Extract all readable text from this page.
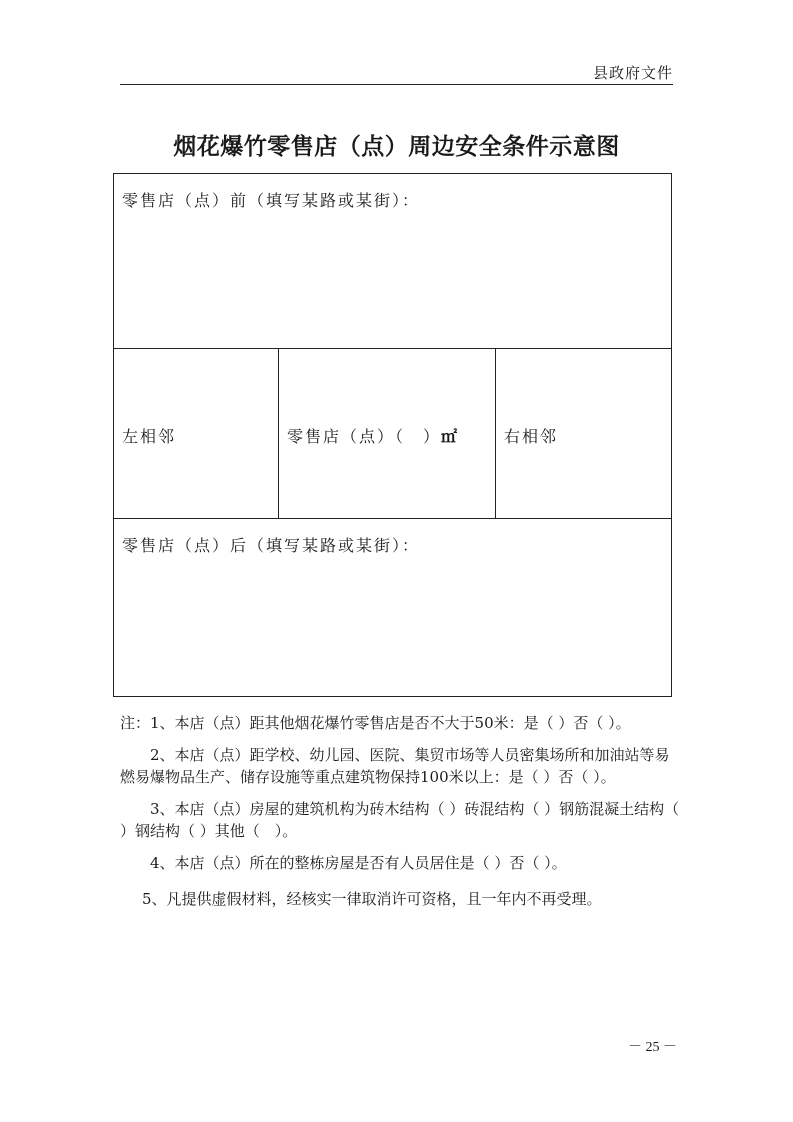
县政府文件
烟花爆竹零售店（点）周边安全条件示意图
零售店（点）前（填写某路或某街）：
左相邻	零售店（点）（　）㎡	右相邻
零售店（点）后（填写某路或某街）：

注：1、本店（点）距其他烟花爆竹零售店是否不大于50米：是（ ）否（ ）。

2、本店（点）距学校、幼儿园、医院、集贸市场等人员密集场所和加油站等易燃易爆物品生产、储存设施等重点建筑物保持100米以上：是（ ）否（ ）。

3、本店（点）房屋的建筑机构为砖木结构（ ）砖混结构（ ）钢筋混凝土结构（ ）钢结构（ ）其他（　）。

4、本店（点）所在的整栋房屋是否有人员居住是（ ）否（ ）。

5、凡提供虚假材料，经核实一律取消许可资格，且一年内不再受理。

－ 25 －
